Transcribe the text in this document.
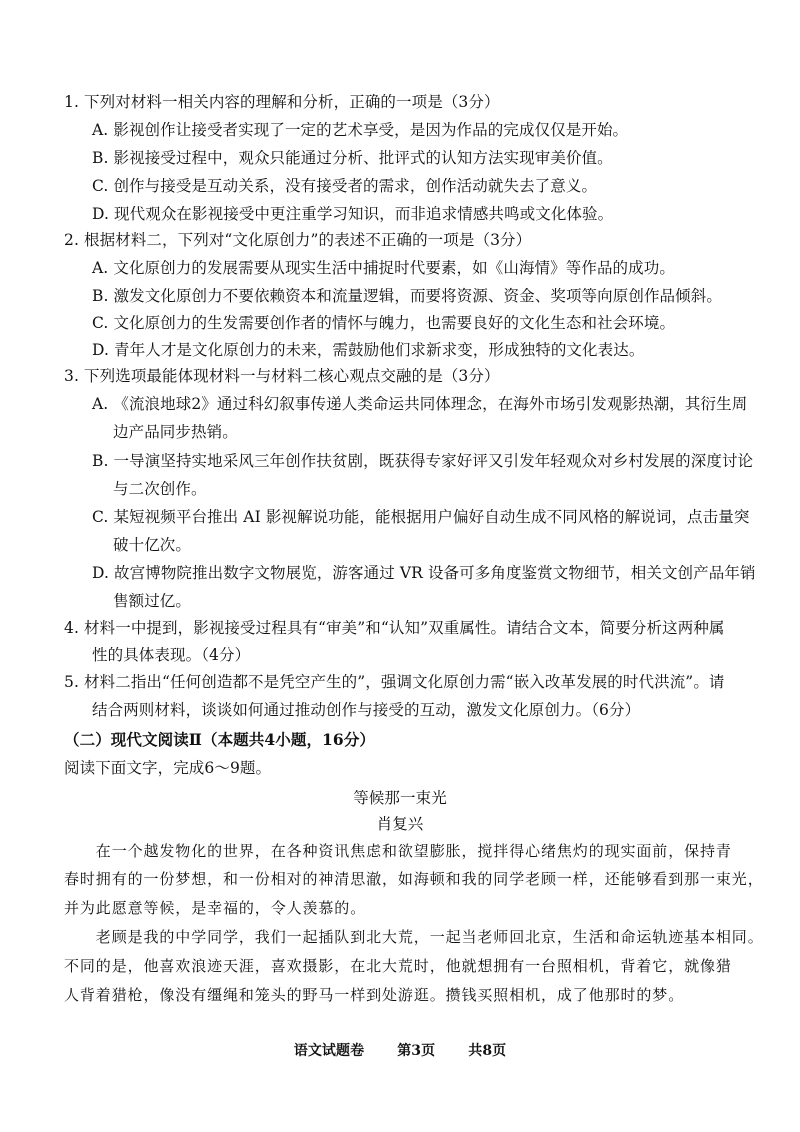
1. 下列对材料一相关内容的理解和分析，正确的一项是（3分）
A. 影视创作让接受者实现了一定的艺术享受，是因为作品的完成仅仅是开始。
B. 影视接受过程中，观众只能通过分析、批评式的认知方法实现审美价值。
C. 创作与接受是互动关系，没有接受者的需求，创作活动就失去了意义。
D. 现代观众在影视接受中更注重学习知识，而非追求情感共鸣或文化体验。
2. 根据材料二，下列对“文化原创力”的表述不正确的一项是（3分）
A. 文化原创力的发展需要从现实生活中捕捉时代要素，如《山海情》等作品的成功。
B. 激发文化原创力不要依赖资本和流量逻辑，而要将资源、资金、奖项等向原创作品倾斜。
C. 文化原创力的生发需要创作者的情怀与魄力，也需要良好的文化生态和社会环境。
D. 青年人才是文化原创力的未来，需鼓励他们求新求变，形成独特的文化表达。
3. 下列选项最能体现材料一与材料二核心观点交融的是（3分）
A. 《流浪地球2》通过科幻叙事传递人类命运共同体理念，在海外市场引发观影热潮，其衍生周
边产品同步热销。
B. 一导演坚持实地采风三年创作扶贫剧，既获得专家好评又引发年轻观众对乡村发展的深度讨论
与二次创作。
C. 某短视频平台推出 AI 影视解说功能，能根据用户偏好自动生成不同风格的解说词，点击量突
破十亿次。
D. 故宫博物院推出数字文物展览，游客通过 VR 设备可多角度鉴赏文物细节，相关文创产品年销
售额过亿。
4. 材料一中提到，影视接受过程具有“审美”和“认知”双重属性。请结合文本，简要分析这两种属
性的具体表现。（4分）
5. 材料二指出“任何创造都不是凭空产生的”，强调文化原创力需“嵌入改革发展的时代洪流”。请
结合两则材料，谈谈如何通过推动创作与接受的互动，激发文化原创力。（6分）
（二）现代文阅读Ⅱ（本题共4小题，16分）
阅读下面文字，完成6～9题。
等候那一束光
肖复兴
　　在一个越发物化的世界，在各种资讯焦虑和欲望膨胀，搅拌得心绪焦灼的现实面前，保持青
春时拥有的一份梦想，和一份相对的神清思澈，如海顿和我的同学老顾一样，还能够看到那一束光，
并为此愿意等候，是幸福的，令人羡慕的。
　　老顾是我的中学同学，我们一起插队到北大荒，一起当老师回北京，生活和命运轨迹基本相同。
不同的是，他喜欢浪迹天涯，喜欢摄影，在北大荒时，他就想拥有一台照相机，背着它，就像猎
人背着猎枪，像没有缰绳和笼头的野马一样到处游逛。攒钱买照相机，成了他那时的梦。
语文试题卷 第3页 共8页
